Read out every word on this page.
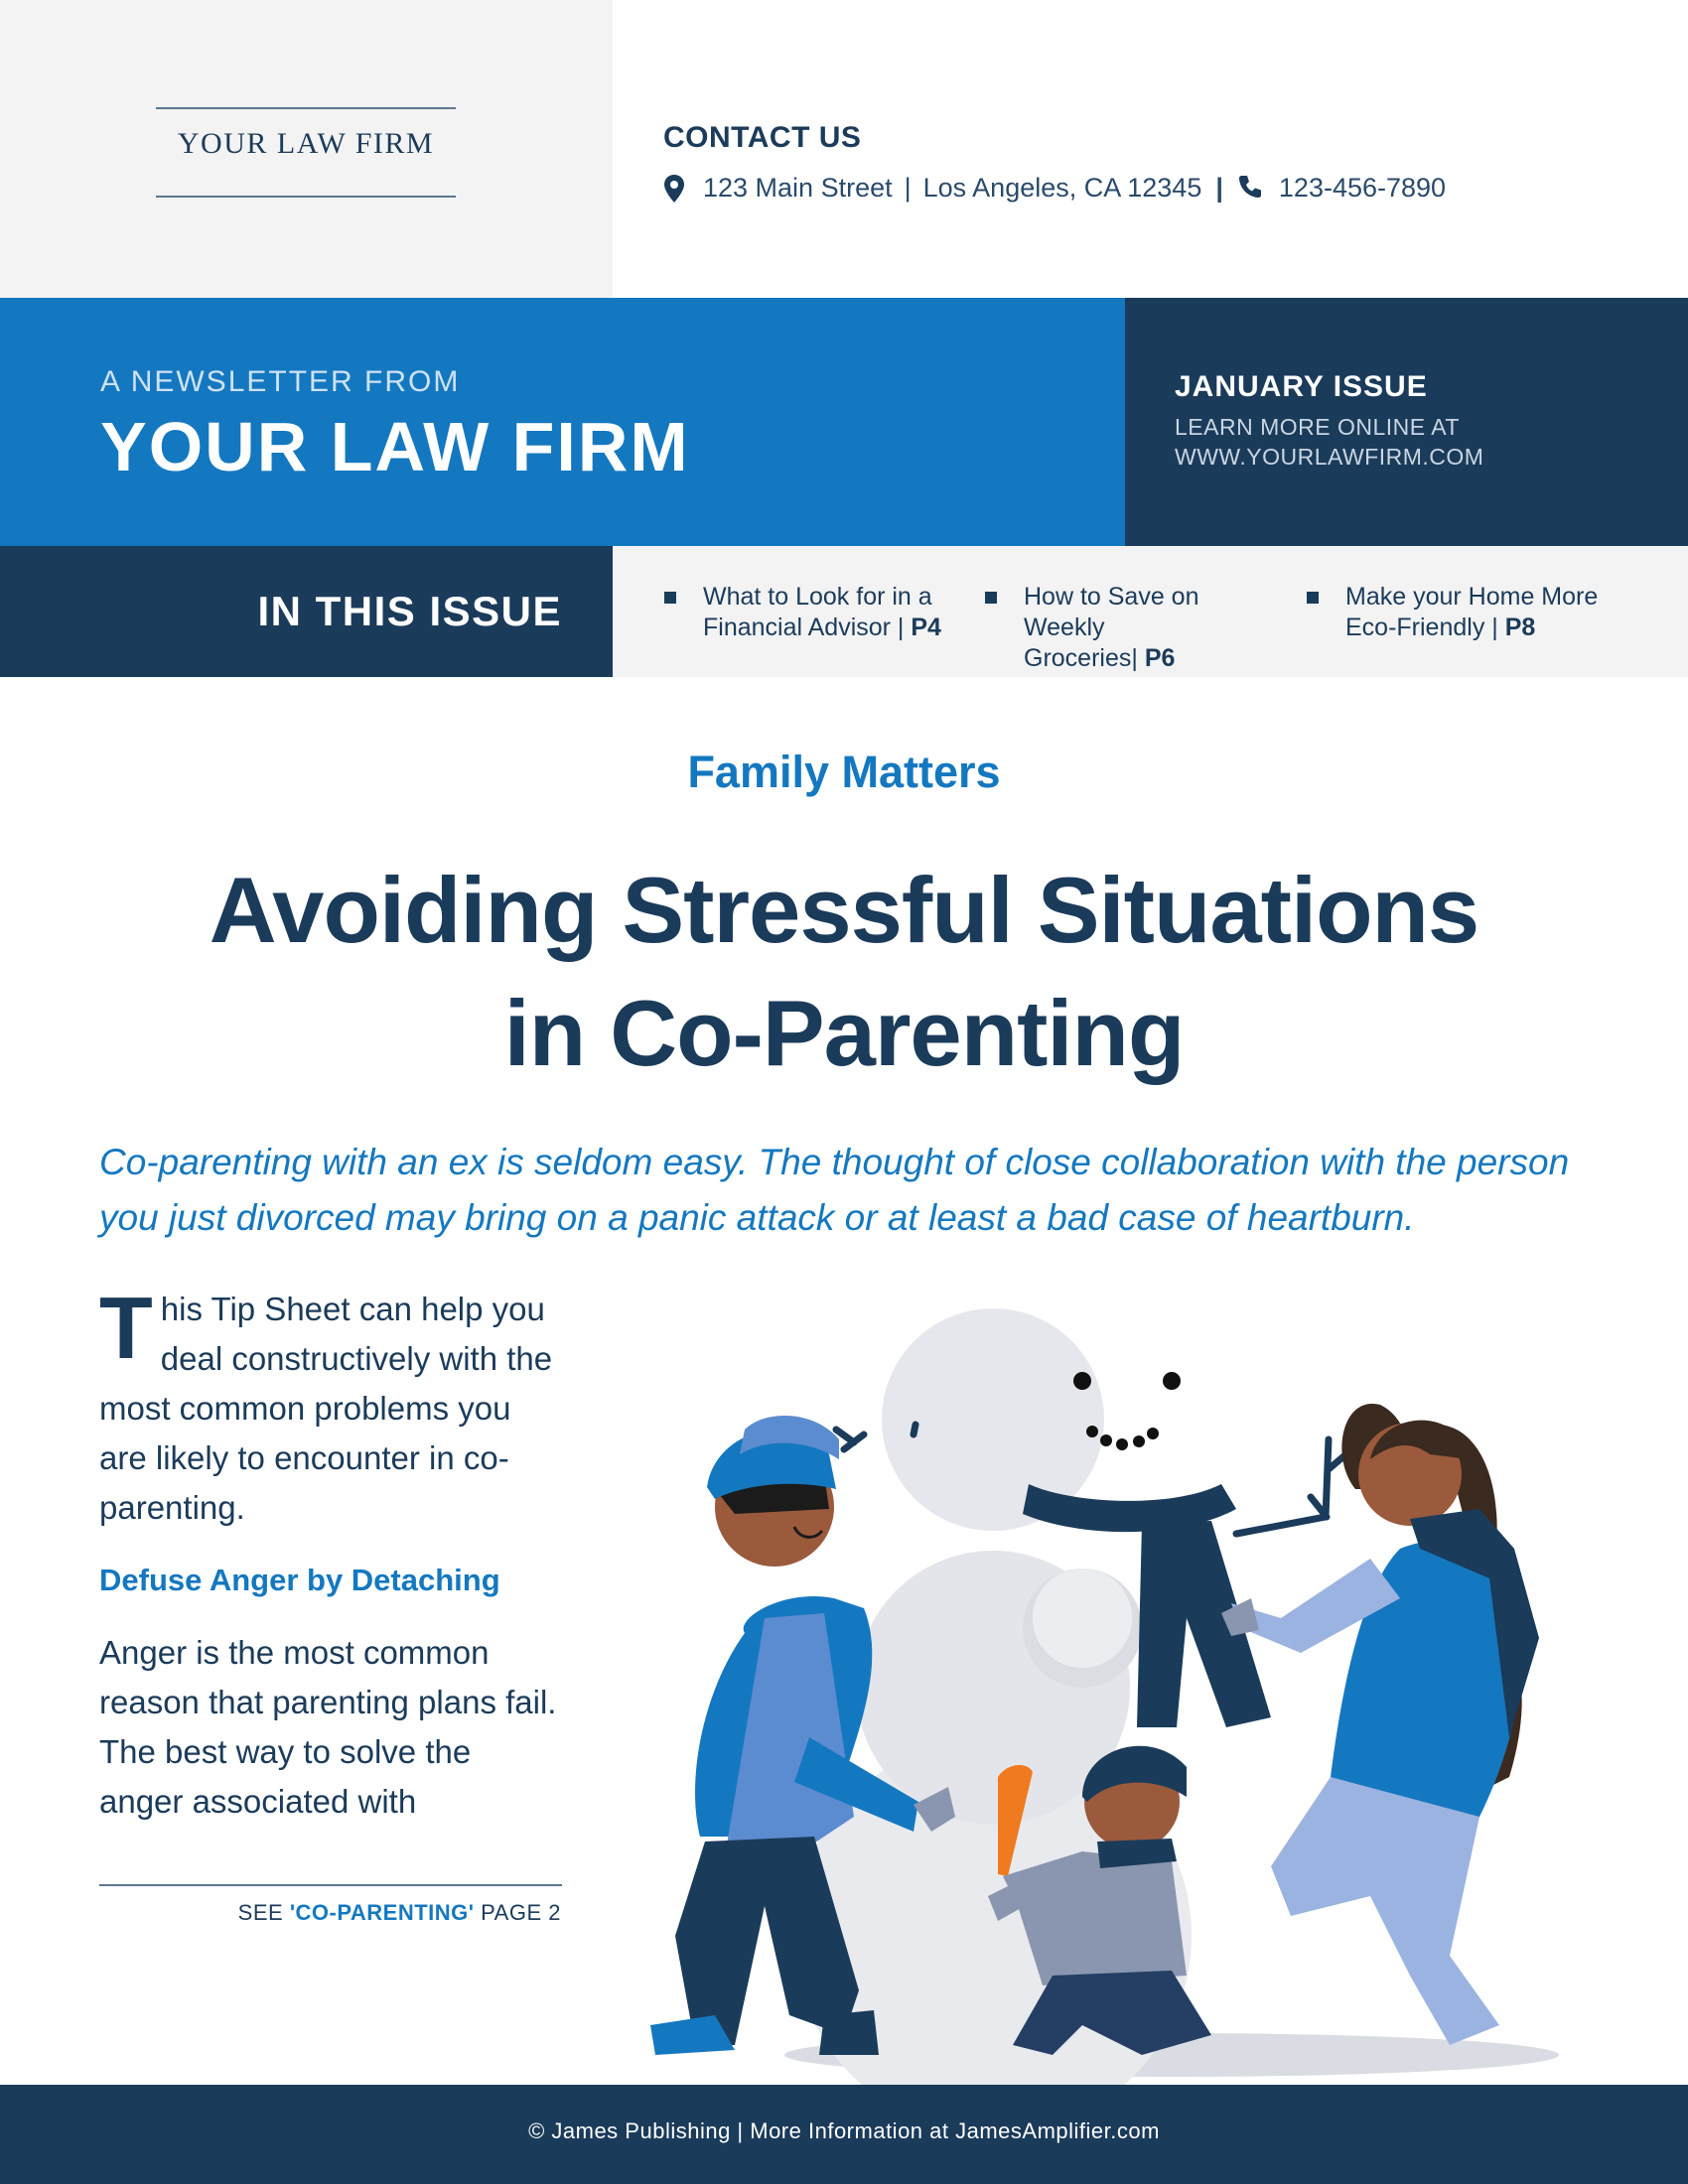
YOUR LAW FIRM	CONTACT US
123 Main Street | Los Angeles, CA 12345 | 123-456-7890
A NEWSLETTER FROM
YOUR LAW FIRM
JANUARY ISSUE
LEARN MORE ONLINE AT
WWW.YOURLAWFIRM.COM
IN THIS ISSUE	What to Look for in a
Financial Advisor | P4
How to Save on Weekly
Groceries| P6
Make your Home More
Eco-Friendly | P8
Family Matters
Avoiding Stressful Situations
in Co-Parenting
Co-parenting with an ex is seldom easy. The thought of close collaboration with the person
you just divorced may bring on a panic attack or at least a bad case of heartburn.

This Tip Sheet can help you deal constructively with the most common problems you are likely to encounter in co-parenting.

Defuse Anger by Detaching

Anger is the most common reason that parenting plans fail. The best way to solve the anger associated with

SEE 'CO-PARENTING' PAGE 2
© James Publishing | More Information at JamesAmplifier.com
